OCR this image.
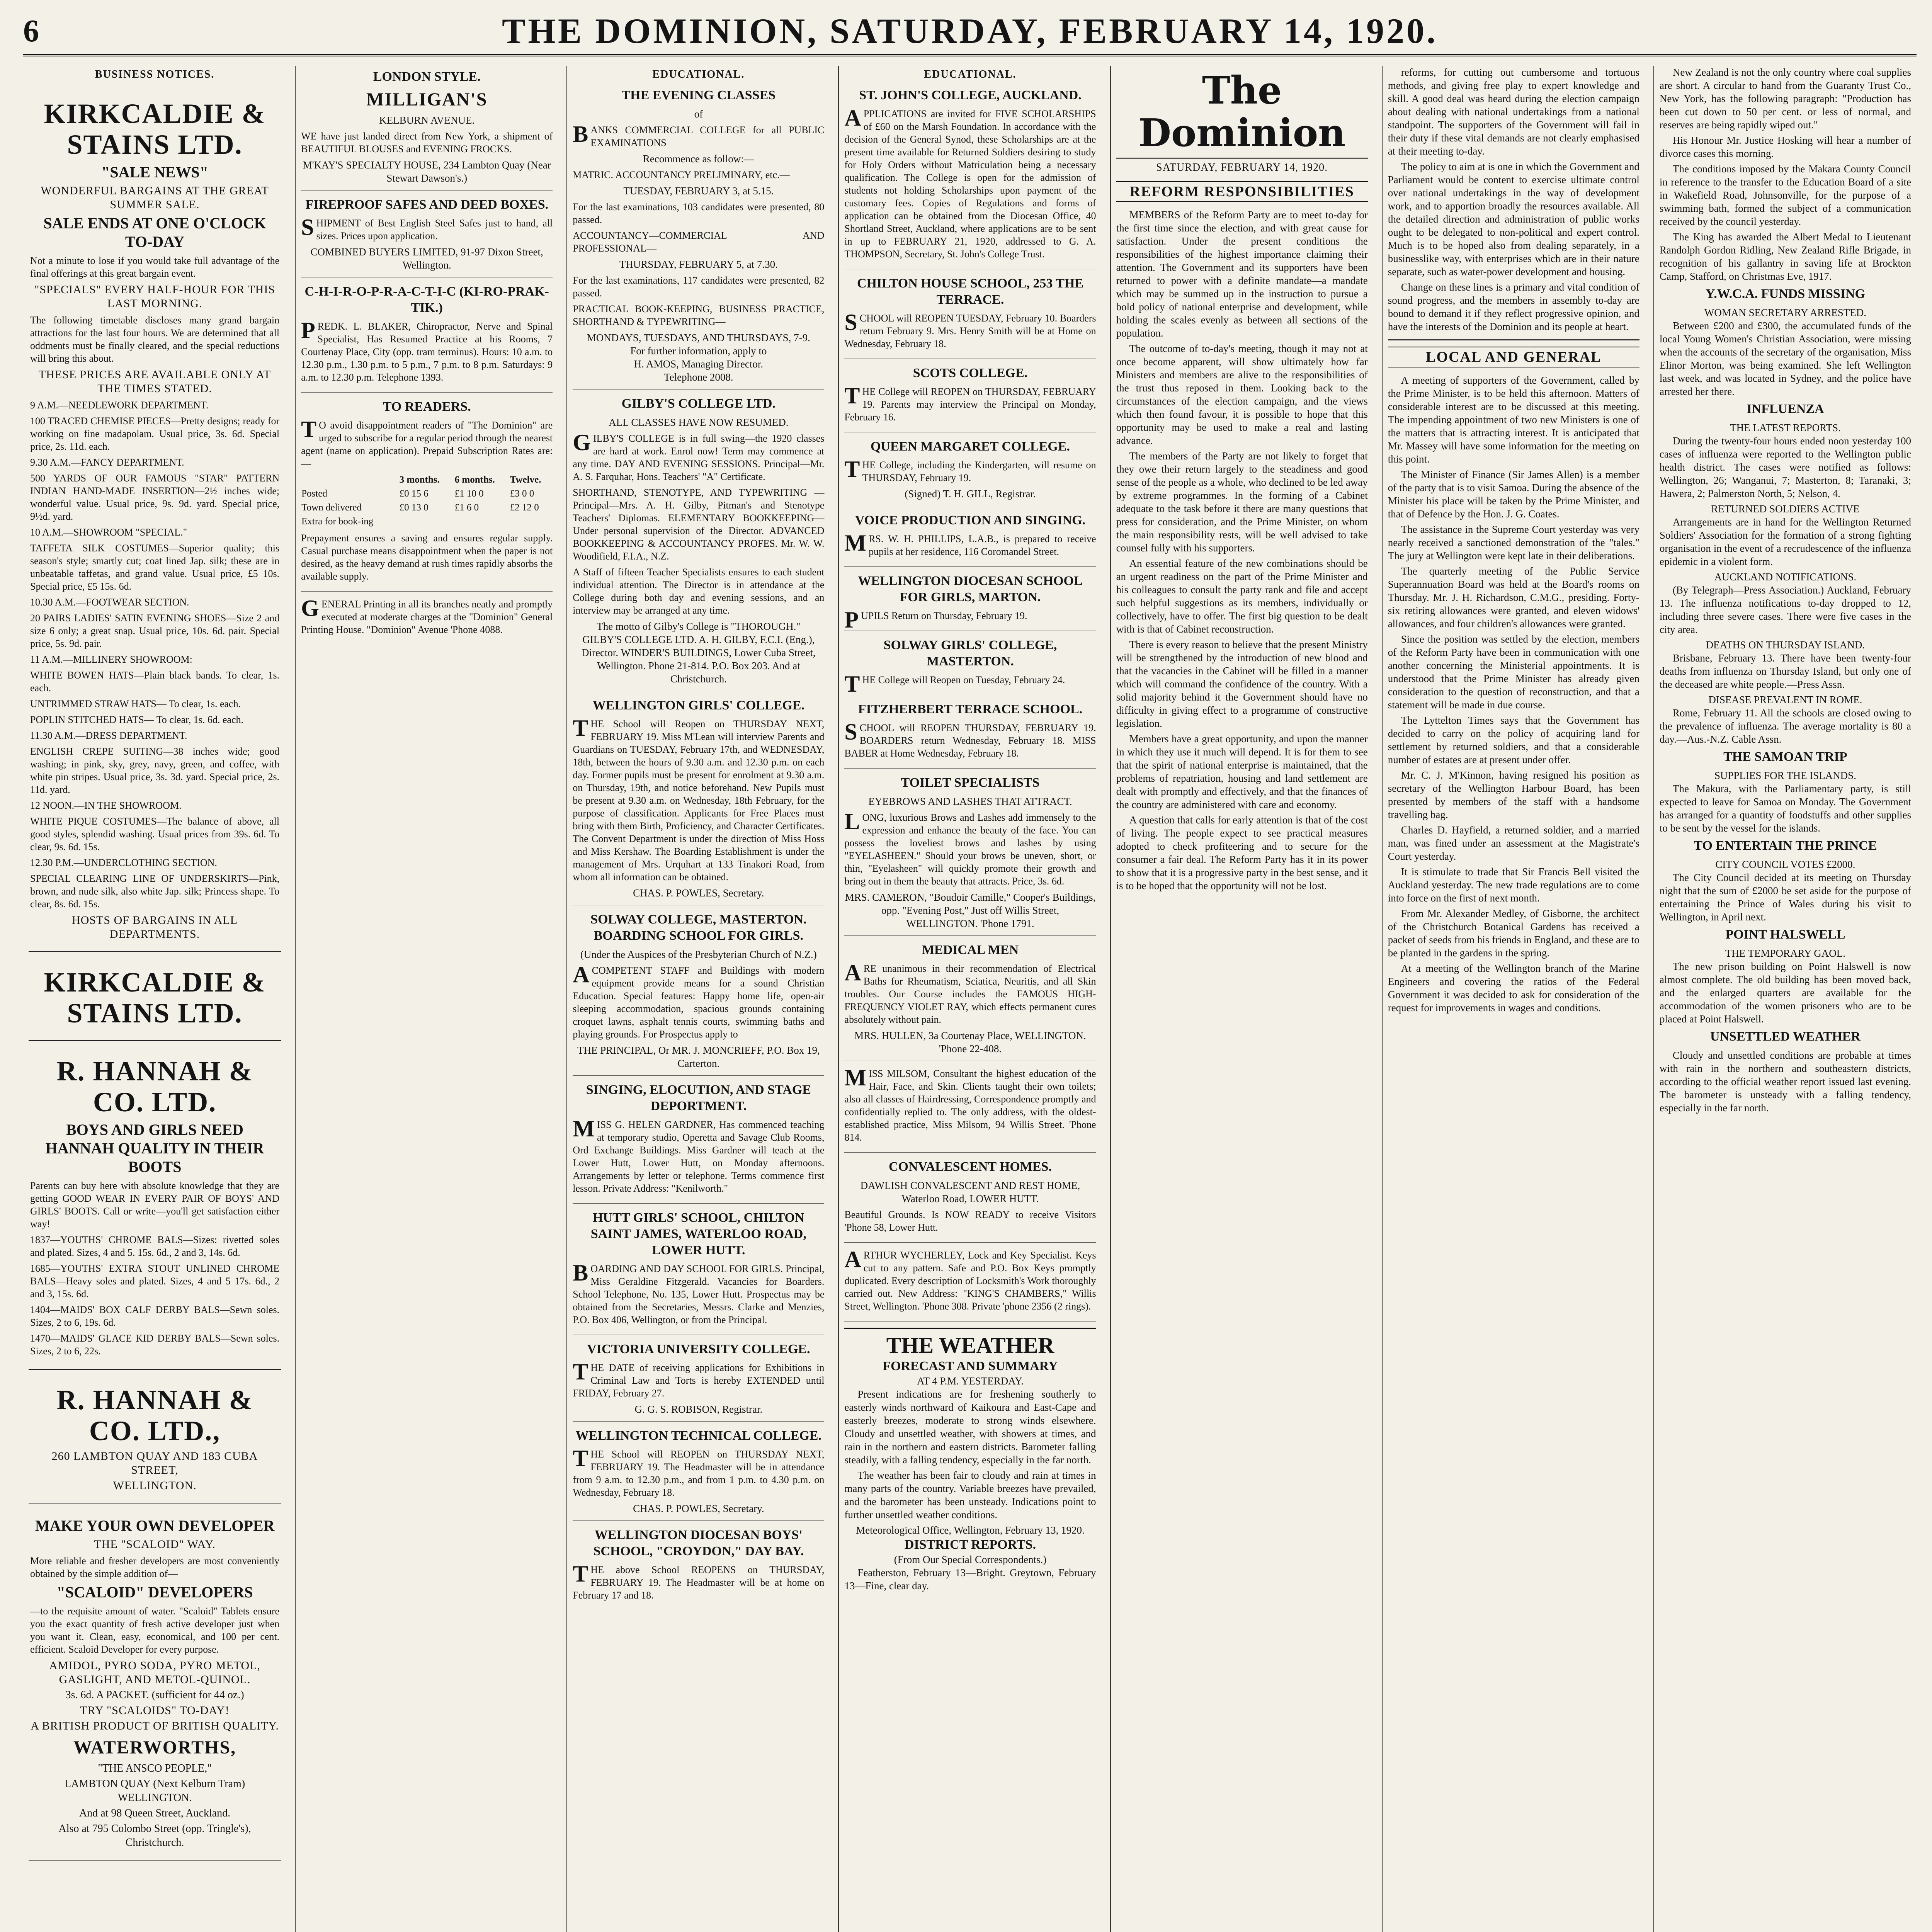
6	THE DOMINION, SATURDAY, FEBRUARY 14, 1920.
BUSINESS NOTICES.
KIRKCALDIE & STAINS LTD.
"SALE NEWS"
WONDERFUL BARGAINS AT THE GREAT SUMMER SALE.
SALE ENDS AT ONE O'CLOCK TO-DAY
Not a minute to lose if you would take full advantage of the final offerings at this great bargain event.
"SPECIALS" EVERY HALF-HOUR FOR THIS LAST MORNING.
The following timetable discloses many grand bargain attractions for the last four hours. We are determined that all oddments must be finally cleared, and the special reductions will bring this about.
THESE PRICES ARE AVAILABLE ONLY AT THE TIMES STATED.
9 A.M.—NEEDLEWORK DEPARTMENT.
100 TRACED CHEMISE PIECES—Pretty designs; ready for working on fine madapolam. Usual price, 3s. 6d. Special price, 2s. 11d. each.
9.30 A.M.—FANCY DEPARTMENT.
500 YARDS OF OUR FAMOUS "STAR" PATTERN INDIAN HAND-MADE INSERTION—2½ inches wide; wonderful value. Usual price, 9s. 9d. yard. Special price, 9½d. yard.
10 A.M.—SHOWROOM "SPECIAL."
TAFFETA SILK COSTUMES—Superior quality; this season's style; smartly cut; coat lined Jap. silk; these are in unbeatable taffetas, and grand value. Usual price, £5 10s. Special price, £5 15s. 6d.
10.30 A.M.—FOOTWEAR SECTION.
20 PAIRS LADIES' SATIN EVENING SHOES—Size 2 and size 6 only; a great snap. Usual price, 10s. 6d. pair. Special price, 5s. 9d. pair.
11 A.M.—MILLINERY SHOWROOM:
WHITE BOWEN HATS—Plain black bands. To clear, 1s. each.
UNTRIMMED STRAW HATS— To clear, 1s. each.
POPLIN STITCHED HATS— To clear, 1s. 6d. each.
11.30 A.M.—DRESS DEPARTMENT.
ENGLISH CREPE SUITING—38 inches wide; good washing; in pink, sky, grey, navy, green, and coffee, with white pin stripes. Usual price, 3s. 3d. yard. Special price, 2s. 11d. yard.
12 NOON.—IN THE SHOWROOM.
WHITE PIQUE COSTUMES—The balance of above, all good styles, splendid washing. Usual prices from 39s. 6d. To clear, 9s. 6d. 15s.
12.30 P.M.—UNDERCLOTHING SECTION.
SPECIAL CLEARING LINE OF UNDERSKIRTS—Pink, brown, and nude silk, also white Jap. silk; Princess shape. To clear, 8s. 6d. 15s.
HOSTS OF BARGAINS IN ALL DEPARTMENTS.
KIRKCALDIE & STAINS LTD.
R. HANNAH & CO. LTD.
BOYS AND GIRLS NEED HANNAH QUALITY IN THEIR BOOTS
Parents can buy here with absolute knowledge that they are getting GOOD WEAR IN EVERY PAIR OF BOYS' AND GIRLS' BOOTS. Call or write—you'll get satisfaction either way!
1837—YOUTHS' CHROME BALS—Sizes: rivetted soles and plated. Sizes, 4 and 5. 15s. 6d., 2 and 3, 14s. 6d.
1685—YOUTHS' EXTRA STOUT UNLINED CHROME BALS—Heavy soles and plated. Sizes, 4 and 5 17s. 6d., 2 and 3, 15s. 6d.
1404—MAIDS' BOX CALF DERBY BALS—Sewn soles. Sizes, 2 to 6, 19s. 6d.
1470—MAIDS' GLACE KID DERBY BALS—Sewn soles. Sizes, 2 to 6, 22s.
R. HANNAH & CO. LTD.,
260 LAMBTON QUAY AND 183 CUBA STREET,
WELLINGTON.
MAKE YOUR OWN DEVELOPER
THE "SCALOID" WAY.
More reliable and fresher developers are most conveniently obtained by the simple addition of—
"SCALOID" DEVELOPERS
—to the requisite amount of water. "Scaloid" Tablets ensure you the exact quantity of fresh active developer just when you want it. Clean, easy, economical, and 100 per cent. efficient. Scaloid Developer for every purpose.
AMIDOL, PYRO SODA, PYRO METOL, GASLIGHT, AND METOL-QUINOL.
3s. 6d. A PACKET. (sufficient for 44 oz.)
TRY "SCALOIDS" TO-DAY!
A BRITISH PRODUCT OF BRITISH QUALITY.
WATERWORTHS,
"THE ANSCO PEOPLE,"
LAMBTON QUAY (Next Kelburn Tram) WELLINGTON.
And at 98 Queen Street, Auckland.
Also at 795 Colombo Street (opp. Tringle's), Christchurch.
LONDON STYLE.
MILLIGAN'S
KELBURN AVENUE.
WE have just landed direct from New York, a shipment of BEAUTIFUL BLOUSES and EVENING FROCKS.
M'KAY'S SPECIALTY HOUSE, 234 Lambton Quay (Near Stewart Dawson's.)
FIREPROOF SAFES AND DEED BOXES.
SHIPMENT of Best English Steel Safes just to hand, all sizes. Prices upon application.
COMBINED BUYERS LIMITED, 91-97 Dixon Street, Wellington.
C-H-I-R-O-P-R-A-C-T-I-C (KI-RO-PRAK-TIK.)
PREDK. L. BLAKER, Chiropractor, Nerve and Spinal Specialist, Has Resumed Practice at his Rooms, 7 Courtenay Place, City (opp. tram terminus). Hours: 10 a.m. to 12.30 p.m., 1.30 p.m. to 5 p.m., 7 p.m. to 8 p.m. Saturdays: 9 a.m. to 12.30 p.m. Telephone 1393.
TO READERS.
TO avoid disappointment readers of "The Dominion" are urged to subscribe for a regular period through the nearest agent (name on application). Prepaid Subscription Rates are:—
	3 months.	6 months.	Twelve.
Posted	£0 15 6	£1 10 0	£3 0 0
Town delivered	£0 13 0	£1 6 0	£2 12 0
Extra for book-ing			
Prepayment ensures a saving and ensures regular supply. Casual purchase means disappointment when the paper is not desired, as the heavy demand at rush times rapidly absorbs the available supply.
GENERAL Printing in all its branches neatly and promptly executed at moderate charges at the "Dominion" General Printing House. "Dominion" Avenue 'Phone 4088.
EDUCATIONAL.
THE EVENING CLASSES
of
BANKS COMMERCIAL COLLEGE for all PUBLIC EXAMINATIONS
Recommence as follow:—
MATRIC. ACCOUNTANCY PRELIMINARY, etc.—
TUESDAY, FEBRUARY 3, at 5.15.
For the last examinations, 103 candidates were presented, 80 passed.
ACCOUNTANCY—COMMERCIAL AND PROFESSIONAL—
THURSDAY, FEBRUARY 5, at 7.30.
For the last examinations, 117 candidates were presented, 82 passed.
PRACTICAL BOOK-KEEPING, BUSINESS PRACTICE, SHORTHAND & TYPEWRITING—
MONDAYS, TUESDAYS, AND THURSDAYS, 7-9.
For further information, apply to
H. AMOS, Managing Director.
Telephone 2008.
GILBY'S COLLEGE LTD.
ALL CLASSES HAVE NOW RESUMED.
GILBY'S COLLEGE is in full swing—the 1920 classes are hard at work. Enrol now! Term may commence at any time. DAY AND EVENING SESSIONS. Principal—Mr. A. S. Farquhar, Hons. Teachers' "A" Certificate.
SHORTHAND, STENOTYPE, AND TYPEWRITING — Principal—Mrs. A. H. Gilby, Pitman's and Stenotype Teachers' Diplomas. ELEMENTARY BOOKKEEPING—Under personal supervision of the Director. ADVANCED BOOKKEEPING & ACCOUNTANCY PROFES. Mr. W. W. Woodifield, F.I.A., N.Z.
A Staff of fifteen Teacher Specialists ensures to each student individual attention. The Director is in attendance at the College during both day and evening sessions, and an interview may be arranged at any time.
The motto of Gilby's College is "THOROUGH."
GILBY'S COLLEGE LTD. A. H. GILBY, F.C.I. (Eng.), Director. WINDER'S BUILDINGS, Lower Cuba Street, Wellington. Phone 21-814. P.O. Box 203. And at Christchurch.
WELLINGTON GIRLS' COLLEGE.
THE School will Reopen on THURSDAY NEXT, FEBRUARY 19. Miss M'Lean will interview Parents and Guardians on TUESDAY, February 17th, and WEDNESDAY, 18th, between the hours of 9.30 a.m. and 12.30 p.m. on each day. Former pupils must be present for enrolment at 9.30 a.m. on Thursday, 19th, and notice beforehand. New Pupils must be present at 9.30 a.m. on Wednesday, 18th February, for the purpose of classification. Applicants for Free Places must bring with them Birth, Proficiency, and Character Certificates. The Convent Department is under the direction of Miss Hoss and Miss Kershaw. The Boarding Establishment is under the management of Mrs. Urquhart at 133 Tinakori Road, from whom all information can be obtained.
CHAS. P. POWLES, Secretary.
SOLWAY COLLEGE, MASTERTON. BOARDING SCHOOL FOR GIRLS.
(Under the Auspices of the Presbyterian Church of N.Z.)
ACOMPETENT STAFF and Buildings with modern equipment provide means for a sound Christian Education. Special features: Happy home life, open-air sleeping accommodation, spacious grounds containing croquet lawns, asphalt tennis courts, swimming baths and playing grounds. For Prospectus apply to
THE PRINCIPAL, Or MR. J. MONCRIEFF, P.O. Box 19, Carterton.
SINGING, ELOCUTION, AND STAGE DEPORTMENT.
MISS G. HELEN GARDNER, Has commenced teaching at temporary studio, Operetta and Savage Club Rooms, Ord Exchange Buildings. Miss Gardner will teach at the Lower Hutt, Lower Hutt, on Monday afternoons. Arrangements by letter or telephone. Terms commence first lesson. Private Address: "Kenilworth."
HUTT GIRLS' SCHOOL, CHILTON SAINT JAMES, WATERLOO ROAD, LOWER HUTT.
BOARDING AND DAY SCHOOL FOR GIRLS. Principal, Miss Geraldine Fitzgerald. Vacancies for Boarders. School Telephone, No. 135, Lower Hutt. Prospectus may be obtained from the Secretaries, Messrs. Clarke and Menzies, P.O. Box 406, Wellington, or from the Principal.
VICTORIA UNIVERSITY COLLEGE.
THE DATE of receiving applications for Exhibitions in Criminal Law and Torts is hereby EXTENDED until FRIDAY, February 27.
G. G. S. ROBISON, Registrar.
WELLINGTON TECHNICAL COLLEGE.
THE School will REOPEN on THURSDAY NEXT, FEBRUARY 19. The Headmaster will be in attendance from 9 a.m. to 12.30 p.m., and from 1 p.m. to 4.30 p.m. on Wednesday, February 18.
CHAS. P. POWLES, Secretary.
WELLINGTON DIOCESAN BOYS' SCHOOL, "CROYDON," DAY BAY.
THE above School REOPENS on THURSDAY, FEBRUARY 19. The Headmaster will be at home on February 17 and 18.
EDUCATIONAL.
ST. JOHN'S COLLEGE, AUCKLAND.
APPLICATIONS are invited for FIVE SCHOLARSHIPS of £60 on the Marsh Foundation. In accordance with the decision of the General Synod, these Scholarships are at the present time available for Returned Soldiers desiring to study for Holy Orders without Matriculation being a necessary qualification. The College is open for the admission of students not holding Scholarships upon payment of the customary fees. Copies of Regulations and forms of application can be obtained from the Diocesan Office, 40 Shortland Street, Auckland, where applications are to be sent in up to FEBRUARY 21, 1920, addressed to G. A. THOMPSON, Secretary, St. John's College Trust.
CHILTON HOUSE SCHOOL, 253 THE TERRACE.
SCHOOL will REOPEN TUESDAY, February 10. Boarders return February 9. Mrs. Henry Smith will be at Home on Wednesday, February 18.
SCOTS COLLEGE.
THE College will REOPEN on THURSDAY, FEBRUARY 19. Parents may interview the Principal on Monday, February 16.
QUEEN MARGARET COLLEGE.
THE College, including the Kindergarten, will resume on THURSDAY, February 19.
(Signed) T. H. GILL, Registrar.
VOICE PRODUCTION AND SINGING.
MRS. W. H. PHILLIPS, L.A.B., is prepared to receive pupils at her residence, 116 Coromandel Street.
WELLINGTON DIOCESAN SCHOOL FOR GIRLS, MARTON.
PUPILS Return on Thursday, February 19.
SOLWAY GIRLS' COLLEGE, MASTERTON.
THE College will Reopen on Tuesday, February 24.
FITZHERBERT TERRACE SCHOOL.
SCHOOL will REOPEN THURSDAY, FEBRUARY 19. BOARDERS return Wednesday, February 18. MISS BABER at Home Wednesday, February 18.
TOILET SPECIALISTS
EYEBROWS AND LASHES THAT ATTRACT.
LONG, luxurious Brows and Lashes add immensely to the expression and enhance the beauty of the face. You can possess the loveliest brows and lashes by using "EYELASHEEN." Should your brows be uneven, short, or thin, "Eyelasheen" will quickly promote their growth and bring out in them the beauty that attracts. Price, 3s. 6d.
MRS. CAMERON, "Boudoir Camille," Cooper's Buildings, opp. "Evening Post," Just off Willis Street, WELLINGTON. 'Phone 1791.
MEDICAL MEN
ARE unanimous in their recommendation of Electrical Baths for Rheumatism, Sciatica, Neuritis, and all Skin troubles. Our Course includes the FAMOUS HIGH-FREQUENCY VIOLET RAY, which effects permanent cures absolutely without pain.
MRS. HULLEN, 3a Courtenay Place, WELLINGTON. 'Phone 22-408.
MISS MILSOM, Consultant the highest education of the Hair, Face, and Skin. Clients taught their own toilets; also all classes of Hairdressing, Correspondence promptly and confidentially replied to. The only address, with the oldest-established practice, Miss Milsom, 94 Willis Street. 'Phone 814.
CONVALESCENT HOMES.
DAWLISH CONVALESCENT AND REST HOME, Waterloo Road, LOWER HUTT.
Beautiful Grounds. Is NOW READY to receive Visitors 'Phone 58, Lower Hutt.
ARTHUR WYCHERLEY, Lock and Key Specialist. Keys cut to any pattern. Safe and P.O. Box Keys promptly duplicated. Every description of Locksmith's Work thoroughly carried out. New Address: "KING'S CHAMBERS," Willis Street, Wellington. 'Phone 308. Private 'phone 2356 (2 rings).
THE WEATHER
FORECAST AND SUMMARY
AT 4 P.M. YESTERDAY.

Present indications are for freshening southerly to easterly winds northward of Kaikoura and East-Cape and easterly breezes, moderate to strong winds elsewhere. Cloudy and unsettled weather, with showers at times, and rain in the northern and eastern districts. Barometer falling steadily, with a falling tendency, especially in the far north.

The weather has been fair to cloudy and rain at times in many parts of the country. Variable breezes have prevailed, and the barometer has been unsteady. Indications point to further unsettled weather conditions.

Meteorological Office, Wellington, February 13, 1920.
DISTRICT REPORTS.
(From Our Special Correspondents.)

Featherston, February 13—Bright. Greytown, February 13—Fine, clear day.

The Dominion
SATURDAY, FEBRUARY 14, 1920.
REFORM RESPONSIBILITIES

MEMBERS of the Reform Party are to meet to-day for the first time since the election, and with great cause for satisfaction. Under the present conditions the responsibilities of the highest importance claiming their attention. The Government and its supporters have been returned to power with a definite mandate—a mandate which may be summed up in the instruction to pursue a bold policy of national enterprise and development, while holding the scales evenly as between all sections of the population.

The outcome of to-day's meeting, though it may not at once become apparent, will show ultimately how far Ministers and members are alive to the responsibilities of the trust thus reposed in them. Looking back to the circumstances of the election campaign, and the views which then found favour, it is possible to hope that this opportunity may be used to make a real and lasting advance.

The members of the Party are not likely to forget that they owe their return largely to the steadiness and good sense of the people as a whole, who declined to be led away by extreme programmes. In the forming of a Cabinet adequate to the task before it there are many questions that press for consideration, and the Prime Minister, on whom the main responsibility rests, will be well advised to take counsel fully with his supporters.

An essential feature of the new combinations should be an urgent readiness on the part of the Prime Minister and his colleagues to consult the party rank and file and accept such helpful suggestions as its members, individually or collectively, have to offer. The first big question to be dealt with is that of Cabinet reconstruction.

There is every reason to believe that the present Ministry will be strengthened by the introduction of new blood and that the vacancies in the Cabinet will be filled in a manner which will command the confidence of the country. With a solid majority behind it the Government should have no difficulty in giving effect to a programme of constructive legislation.

Members have a great opportunity, and upon the manner in which they use it much will depend. It is for them to see that the spirit of national enterprise is maintained, that the problems of repatriation, housing and land settlement are dealt with promptly and effectively, and that the finances of the country are administered with care and economy.

A question that calls for early attention is that of the cost of living. The people expect to see practical measures adopted to check profiteering and to secure for the consumer a fair deal. The Reform Party has it in its power to show that it is a progressive party in the best sense, and it is to be hoped that the opportunity will not be lost.

reforms, for cutting out cumbersome and tortuous methods, and giving free play to expert knowledge and skill. A good deal was heard during the election campaign about dealing with national undertakings from a national standpoint. The supporters of the Government will fail in their duty if these vital demands are not clearly emphasised at their meeting to-day.

The policy to aim at is one in which the Government and Parliament would be content to exercise ultimate control over national undertakings in the way of development work, and to apportion broadly the resources available. All the detailed direction and administration of public works ought to be delegated to non-political and expert control. Much is to be hoped also from dealing separately, in a businesslike way, with enterprises which are in their nature separate, such as water-power development and housing.

Change on these lines is a primary and vital condition of sound progress, and the members in assembly to-day are bound to demand it if they reflect progressive opinion, and have the interests of the Dominion and its people at heart.

LOCAL AND GENERAL

A meeting of supporters of the Government, called by the Prime Minister, is to be held this afternoon. Matters of considerable interest are to be discussed at this meeting. The impending appointment of two new Ministers is one of the matters that is attracting interest. It is anticipated that Mr. Massey will have some information for the meeting on this point.

The Minister of Finance (Sir James Allen) is a member of the party that is to visit Samoa. During the absence of the Minister his place will be taken by the Prime Minister, and that of Defence by the Hon. J. G. Coates.

The assistance in the Supreme Court yesterday was very nearly received a sanctioned demonstration of the "tales." The jury at Wellington were kept late in their deliberations.

The quarterly meeting of the Public Service Superannuation Board was held at the Board's rooms on Thursday. Mr. J. H. Richardson, C.M.G., presiding. Forty-six retiring allowances were granted, and eleven widows' allowances, and four children's allowances were granted.

Since the position was settled by the election, members of the Reform Party have been in communication with one another concerning the Ministerial appointments. It is understood that the Prime Minister has already given consideration to the question of reconstruction, and that a statement will be made in due course.

The Lyttelton Times says that the Government has decided to carry on the policy of acquiring land for settlement by returned soldiers, and that a considerable number of estates are at present under offer.

Mr. C. J. M'Kinnon, having resigned his position as secretary of the Wellington Harbour Board, has been presented by members of the staff with a handsome travelling bag.

Charles D. Hayfield, a returned soldier, and a married man, was fined under an assessment at the Magistrate's Court yesterday.

It is stimulate to trade that Sir Francis Bell visited the Auckland yesterday. The new trade regulations are to come into force on the first of next month.

From Mr. Alexander Medley, of Gisborne, the architect of the Christchurch Botanical Gardens has received a packet of seeds from his friends in England, and these are to be planted in the gardens in the spring.

At a meeting of the Wellington branch of the Marine Engineers and covering the ratios of the Federal Government it was decided to ask for consideration of the request for improvements in wages and conditions.

New Zealand is not the only country where coal supplies are short. A circular to hand from the Guaranty Trust Co., New York, has the following paragraph: "Production has been cut down to 50 per cent. or less of normal, and reserves are being rapidly wiped out."

His Honour Mr. Justice Hosking will hear a number of divorce cases this morning.

The conditions imposed by the Makara County Council in reference to the transfer to the Education Board of a site in Wakefield Road, Johnsonville, for the purpose of a swimming bath, formed the subject of a communication received by the council yesterday.

The King has awarded the Albert Medal to Lieutenant Randolph Gordon Ridling, New Zealand Rifle Brigade, in recognition of his gallantry in saving life at Brockton Camp, Stafford, on Christmas Eve, 1917.

Y.W.C.A. FUNDS MISSING
WOMAN SECRETARY ARRESTED.

Between £200 and £300, the accumulated funds of the local Young Women's Christian Association, were missing when the accounts of the secretary of the organisation, Miss Elinor Morton, was being examined. She left Wellington last week, and was located in Sydney, and the police have arrested her there.

INFLUENZA
THE LATEST REPORTS.

During the twenty-four hours ended noon yesterday 100 cases of influenza were reported to the Wellington public health district. The cases were notified as follows: Wellington, 26; Wanganui, 7; Masterton, 8; Taranaki, 3; Hawera, 2; Palmerston North, 5; Nelson, 4.

RETURNED SOLDIERS ACTIVE

Arrangements are in hand for the Wellington Returned Soldiers' Association for the formation of a strong fighting organisation in the event of a recrudescence of the influenza epidemic in a violent form.

AUCKLAND NOTIFICATIONS.

(By Telegraph—Press Association.) Auckland, February 13. The influenza notifications to-day dropped to 12, including three severe cases. There were five cases in the city area.

DEATHS ON THURSDAY ISLAND.

Brisbane, February 13. There have been twenty-four deaths from influenza on Thursday Island, but only one of the deceased are white people.—Press Assn.

DISEASE PREVALENT IN ROME.

Rome, February 11. All the schools are closed owing to the prevalence of influenza. The average mortality is 80 a day.—Aus.-N.Z. Cable Assn.

THE SAMOAN TRIP
SUPPLIES FOR THE ISLANDS.

The Makura, with the Parliamentary party, is still expected to leave for Samoa on Monday. The Government has arranged for a quantity of foodstuffs and other supplies to be sent by the vessel for the islands.

TO ENTERTAIN THE PRINCE
CITY COUNCIL VOTES £2000.

The City Council decided at its meeting on Thursday night that the sum of £2000 be set aside for the purpose of entertaining the Prince of Wales during his visit to Wellington, in April next.

POINT HALSWELL
THE TEMPORARY GAOL.

The new prison building on Point Halswell is now almost complete. The old building has been moved back, and the enlarged quarters are available for the accommodation of the women prisoners who are to be placed at Point Halswell.

UNSETTLED WEATHER

Cloudy and unsettled conditions are probable at times with rain in the northern and southeastern districts, according to the official weather report issued last evening. The barometer is unsteady with a falling tendency, especially in the far north.
